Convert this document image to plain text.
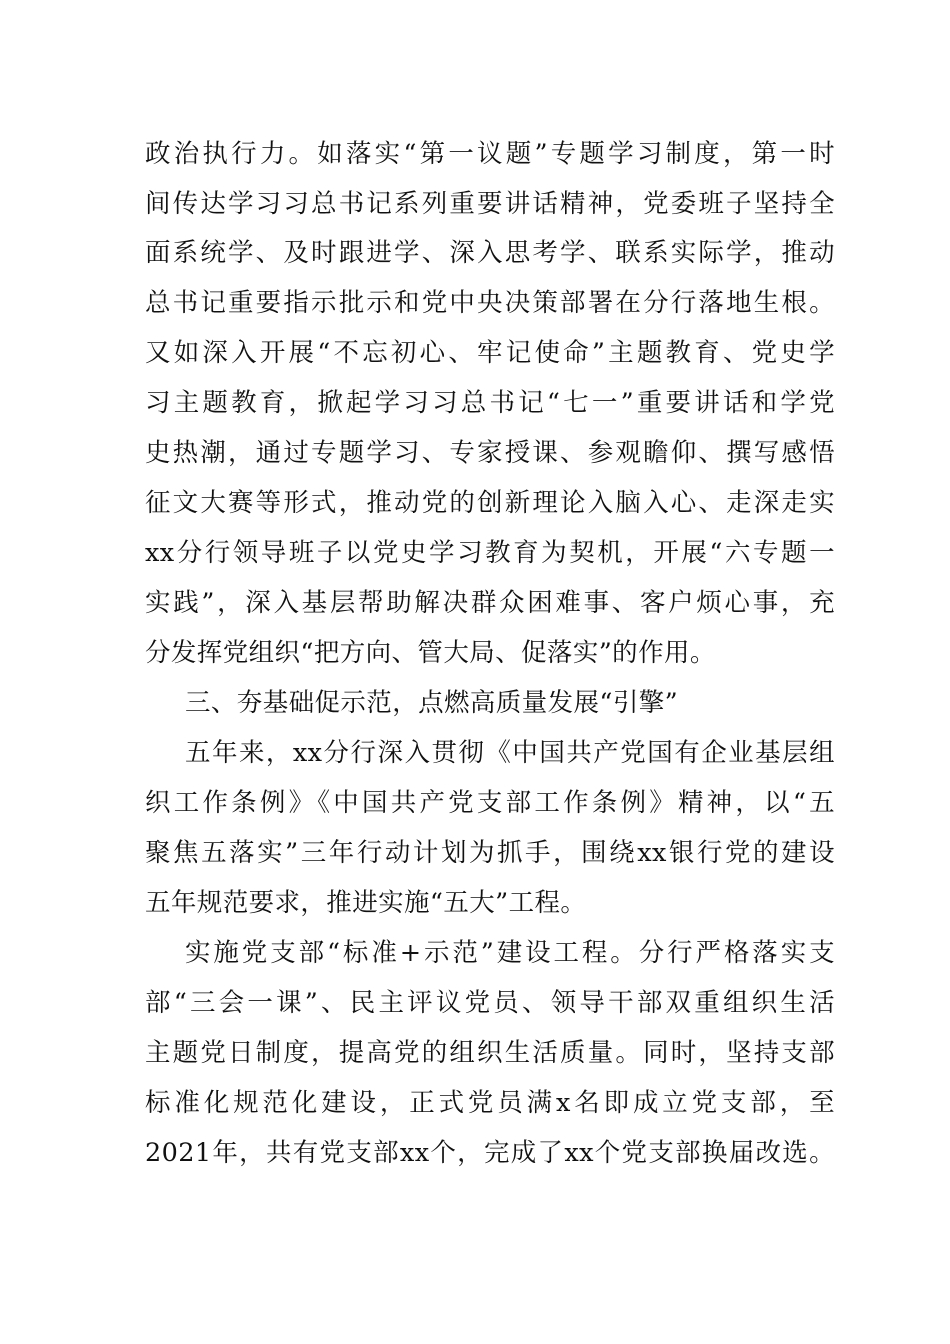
政治执行力。如落实“第一议题”专题学习制度，第一时
间传达学习习总书记系列重要讲话精神，党委班子坚持全
面系统学、及时跟进学、深入思考学、联系实际学，推动
总书记重要指示批示和党中央决策部署在分行落地生根。
又如深入开展“不忘初心、牢记使命”主题教育、党史学
习主题教育，掀起学习习总书记“七一”重要讲话和学党
史热潮，通过专题学习、专家授课、参观瞻仰、撰写感悟
征文大赛等形式，推动党的创新理论入脑入心、走深走实
xx分行领导班子以党史学习教育为契机，开展“六专题一
实践”，深入基层帮助解决群众困难事、客户烦心事，充
分发挥党组织“把方向、管大局、促落实”的作用。
三、夯基础促示范，点燃高质量发展“引擎”
五年来，xx分行深入贯彻《中国共产党国有企业基层组
织工作条例》《中国共产党支部工作条例》精神，以“五
聚焦五落实”三年行动计划为抓手，围绕xx银行党的建设
五年规范要求，推进实施“五大”工程。
实施党支部“标准+示范”建设工程。分行严格落实支
部“三会一课”、民主评议党员、领导干部双重组织生活
主题党日制度，提高党的组织生活质量。同时，坚持支部
标准化规范化建设，正式党员满x名即成立党支部，至
2021年，共有党支部xx个，完成了xx个党支部换届改选。
